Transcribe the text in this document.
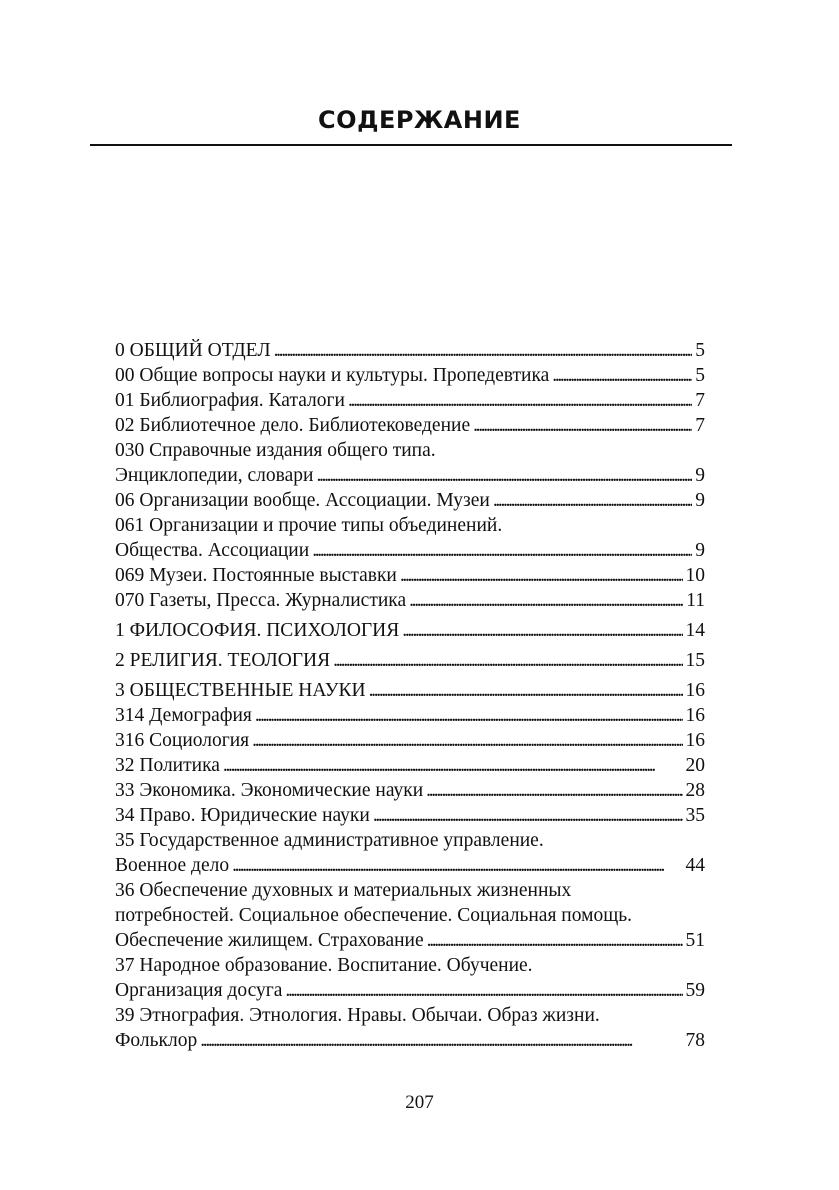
СОДЕРЖАНИЕ
0 ОБЩИЙ ОТДЕЛ . . .	5
00 Общие вопросы науки и культуры. Пропедевтика . . .	5
01 Библиография. Каталоги . . .	7
02 Библиотечное дело. Библиотековедение . . .	7
030 Справочные издания общего типа.
Энциклопедии, словари . . .	9
06 Организации вообще. Ассоциации. Музеи . . .	9
061 Организации и прочие типы объединений.
Общества. Ассоциации . . .	9
069 Музеи. Постоянные выставки . . .	10
070 Газеты, Пресса. Журналистика . . .	11
1 ФИЛОСОФИЯ. ПСИХОЛОГИЯ . . .	14
2 РЕЛИГИЯ. ТЕОЛОГИЯ . . .	15
3 ОБЩЕСТВЕННЫЕ НАУКИ . . .	16
314 Демография . . .	16
316 Социология . . .	16
32 Политика . . .	20
33 Экономика. Экономические науки . . .	28
34 Право. Юридические науки . . .	35
35 Государственное административное управление.
Военное дело . . .	44
36 Обеспечение духовных и материальных жизненных
потребностей. Социальное обеспечение. Социальная помощь.
Обеспечение жилищем. Страхование . . .	51
37 Народное образование. Воспитание. Обучение.
Организация досуга . . .	59
39 Этнография. Этнология. Нравы. Обычаи. Образ жизни.
Фольклор . . .	78
207
